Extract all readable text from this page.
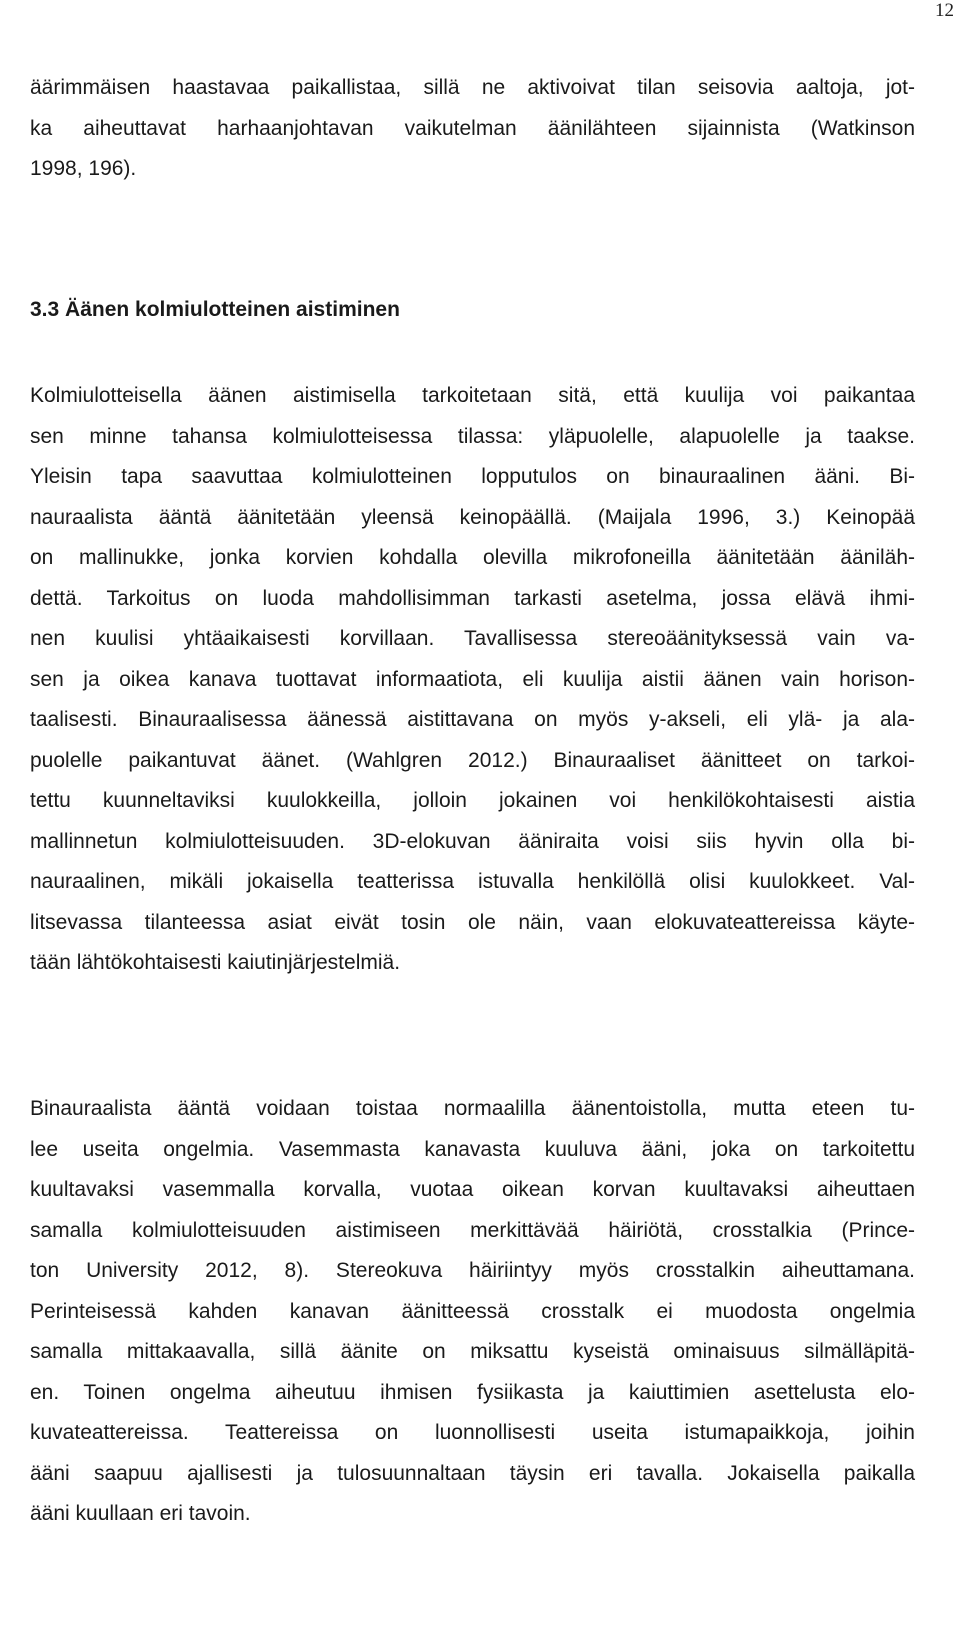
12
äärimmäisen haastavaa paikallistaa, sillä ne aktivoivat tilan seisovia aaltoja, jot-
ka aiheuttavat harhaanjohtavan vaikutelman äänilähteen sijainnista (Watkinson
1998, 196).
3.3 Äänen kolmiulotteinen aistiminen
Kolmiulotteisella äänen aistimisella tarkoitetaan sitä, että kuulija voi paikantaa
sen minne tahansa kolmiulotteisessa tilassa: yläpuolelle, alapuolelle ja taakse.
Yleisin tapa saavuttaa kolmiulotteinen lopputulos on binauraalinen ääni. Bi-
nauraalista ääntä äänitetään yleensä keinopäällä. (Maijala 1996, 3.) Keinopää
on mallinukke, jonka korvien kohdalla olevilla mikrofoneilla äänitetään ääniläh-
dettä. Tarkoitus on luoda mahdollisimman tarkasti asetelma, jossa elävä ihmi-
nen kuulisi yhtäaikaisesti korvillaan. Tavallisessa stereoäänityksessä vain va-
sen ja oikea kanava tuottavat informaatiota, eli kuulija aistii äänen vain horison-
taalisesti. Binauraalisessa äänessä aistittavana on myös y-akseli, eli ylä- ja ala-
puolelle paikantuvat äänet. (Wahlgren 2012.) Binauraaliset äänitteet on tarkoi-
tettu kuunneltaviksi kuulokkeilla, jolloin jokainen voi henkilökohtaisesti aistia
mallinnetun kolmiulotteisuuden. 3D-elokuvan ääniraita voisi siis hyvin olla bi-
nauraalinen, mikäli jokaisella teatterissa istuvalla henkilöllä olisi kuulokkeet. Val-
litsevassa tilanteessa asiat eivät tosin ole näin, vaan elokuvateattereissa käyte-
tään lähtökohtaisesti kaiutinjärjestelmiä.
Binauraalista ääntä voidaan toistaa normaalilla äänentoistolla, mutta eteen tu-
lee useita ongelmia. Vasemmasta kanavasta kuuluva ääni, joka on tarkoitettu
kuultavaksi vasemmalla korvalla, vuotaa oikean korvan kuultavaksi aiheuttaen
samalla kolmiulotteisuuden aistimiseen merkittävää häiriötä, crosstalkia (Prince-
ton University 2012, 8). Stereokuva häiriintyy myös crosstalkin aiheuttamana.
Perinteisessä kahden kanavan äänitteessä crosstalk ei muodosta ongelmia
samalla mittakaavalla, sillä äänite on miksattu kyseistä ominaisuus silmälläpitä-
en. Toinen ongelma aiheutuu ihmisen fysiikasta ja kaiuttimien asettelusta elo-
kuvateattereissa. Teattereissa on luonnollisesti useita istumapaikkoja, joihin
ääni saapuu ajallisesti ja tulosuunnaltaan täysin eri tavalla. Jokaisella paikalla
ääni kuullaan eri tavoin.
